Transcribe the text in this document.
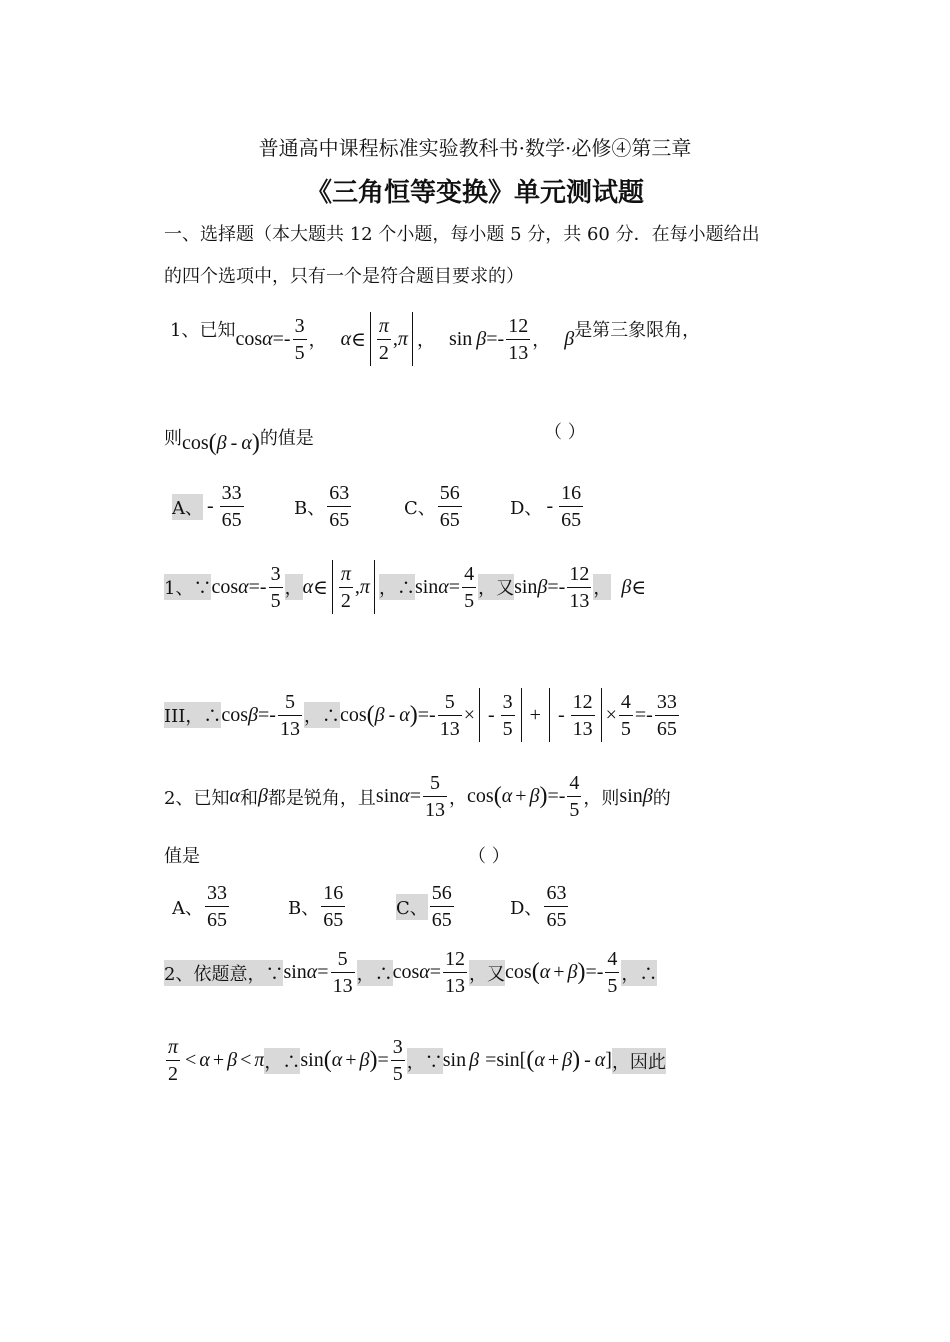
普通高中课程标准实验教科书·数学·必修④第三章
《三角恒等变换》单元测试题
一、选择题（本大题共 12 个小题，每小题 5 分，共 60 分．在每小题给出
的四个选项中，只有一个是符合题目要求的）
1、已知 $\cos \alpha =- \frac{3}{5}$ ， α ∈ $\frac{\pi}{2}$ , π ， $\sin \beta =- \frac{12}{13}$ ， β 是第三象限角，
则 cos ( β - α ) 的值是	（ ）
A、 - $\frac{33}{65}$	B、 $\frac{63}{65}$	C、 $\frac{56}{65}$	D、 - $\frac{16}{65}$
1、∵ $\cos \alpha =- \frac{3}{5}$ ， α ∈ $\frac{\pi}{2}$ , π ，∴ $\sin \alpha = \frac{4}{5}$ ，又 $\sin \beta =- \frac{12}{13}$ ， β ∈
III，∴ $\cos \beta =- \frac{5}{13}$ ，∴ cos ( β - α ) =- $\frac{5}{13}$ × - $\frac{3}{5}$ + - $\frac{12}{13} \times \frac{4}{5} =- \frac{33}{65}$
2、已知 α 和 β 都是锐角，且 $\sin \alpha = \frac{5}{13}$ ， cos ( α + β ) =- $\frac{4}{5}$ ，则 sin β 的
值是	（ ）
A、 $\frac{33}{65}$	B、 $\frac{16}{65}$	C、 $\frac{56}{65}$	D、 $\frac{63}{65}$
2、依题意，∵ $\sin \alpha = \frac{5}{13}$ ，∴ $\cos \alpha = \frac{12}{13}$ ，又 cos ( α + β ) =- $\frac{4}{5}$ ，∴
$\frac{\pi}{2} < \alpha + \beta < \pi$ ，∴ sin ( α + β ) = $\frac{3}{5}$ ，∵ sin β =sin[ ( α + β ) - α ] ，因此
